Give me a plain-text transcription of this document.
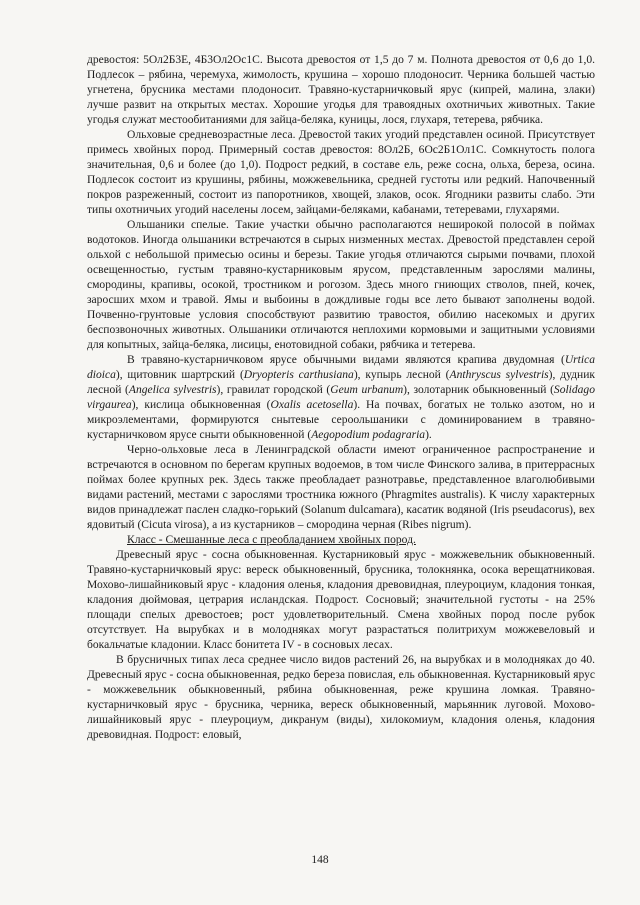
древостоя: 5Ол2Б3Е, 4Б3Ол2Ос1С. Высота древостоя от 1,5 до 7 м. Полнота древостоя от 0,6 до 1,0. Подлесок – рябина, черемуха, жимолость, крушина – хорошо плодоносит. Черника большей частью угнетена, брусника местами плодоносит. Травяно-кустарничковый ярус (кипрей, малина, злаки) лучше развит на открытых местах. Хорошие угодья для травоядных охотничьих животных. Такие угодья служат местообитаниями для зайца-беляка, куницы, лося, глухаря, тетерева, рябчика.

Ольховые средневозрастные леса. Древостой таких угодий представлен осиной. Присутствует примесь хвойных пород. Примерный состав древостоя: 8Ол2Б, 6Ос2Б1Ол1С. Сомкнутость полога значительная, 0,6 и более (до 1,0). Подрост редкий, в составе ель, реже сосна, ольха, береза, осина. Подлесок состоит из крушины, рябины, можжевельника, средней густоты или редкий. Напочвенный покров разреженный, состоит из папоротников, хвощей, злаков, осок. Ягодники развиты слабо. Эти типы охотничьих угодий населены лосем, зайцами-беляками, кабанами, тетеревами, глухарями.

Ольшаники спелые. Такие участки обычно располагаются неширокой полосой в поймах водотоков. Иногда ольшаники встречаются в сырых низменных местах. Древостой представлен серой ольхой с небольшой примесью осины и березы. Такие угодья отличаются сырыми почвами, плохой освещенностью, густым травяно-кустарниковым ярусом, представленным зарослями малины, смородины, крапивы, осокой, тростником и рогозом. Здесь много гниющих стволов, пней, кочек, заросших мхом и травой. Ямы и выбоины в дождливые годы все лето бывают заполнены водой. Почвенно-грунтовые условия способствуют развитию травостоя, обилию насекомых и других беспозвоночных животных. Ольшаники отличаются неплохими кормовыми и защитными условиями для копытных, зайца-беляка, лисицы, енотовидной собаки, рябчика и тетерева.

В травяно-кустарничковом ярусе обычными видами являются крапива двудомная (Urtica dioica), щитовник шартрский (Dryopteris carthusiana), купырь лесной (Anthryscus sylvestris), дудник лесной (Angelica sylvestris), гравилат городской (Geum urbanum), золотарник обыкновенный (Solidago virgaurea), кислица обыкновенная (Oxalis acetosella). На почвах, богатых не только азотом, но и микроэлементами, формируются снытевые сероольшаники с доминированием в травяно-кустарничковом ярусе сныти обыкновенной (Aegopodium podagraria).

Черно-ольховые леса в Ленинградской области имеют ограниченное распространение и встречаются в основном по берегам крупных водоемов, в том числе Финского залива, в притеррасных поймах более крупных рек. Здесь также преобладает разнотравье, представленное влаголюбивыми видами растений, местами с зарослями тростника южного (Phragmites australis). К числу характерных видов принадлежат паслен сладко-горький (Solanum dulcamara), касатик водяной (Iris pseudacorus), вех ядовитый (Cicuta virosa), а из кустарников – смородина черная (Ribes nigrum).

Класс - Смешанные леса с преобладанием хвойных пород.

Древесный ярус - сосна обыкновенная. Кустарниковый ярус - можжевельник обыкновенный. Травяно-кустарничковый ярус: вереск обыкновенный, брусника, толокнянка, осока верещатниковая. Мохово-лишайниковый ярус - кладония оленья, кладония древовидная, плеуроциум, кладония тонкая, кладония дюймовая, цетрария исландская. Подрост. Сосновый; значительной густоты - на 25% площади спелых древостоев; рост удовлетворительный. Смена хвойных пород после рубок отсутствует. На вырубках и в молодняках могут разрастаться политрихум можжевеловый и бокальчатые кладонии. Класс бонитета IV - в сосновых лесах.

В брусничных типах леса среднее число видов растений 26, на вырубках и в молодняках до 40. Древесный ярус - сосна обыкновенная, редко береза повислая, ель обыкновенная. Кустарниковый ярус - можжевельник обыкновенный, рябина обыкновенная, реже крушина ломкая. Травяно-кустарничковый ярус - брусника, черника, вереск обыкновенный, марьянник луговой. Мохово-лишайниковый ярус - плеуроциум, дикранум (виды), хилокомиум, кладония оленья, кладония древовидная. Подрост: еловый,

148
